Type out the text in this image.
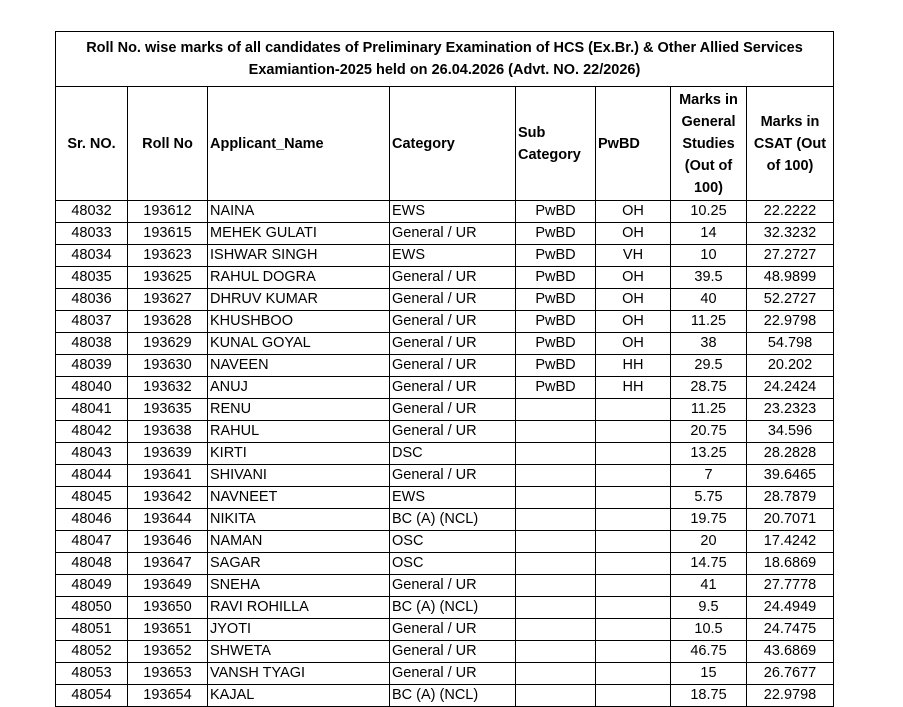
Roll No. wise marks of all candidates of Preliminary Examination of HCS (Ex.Br.) & Other Allied Services
Examiantion-2025 held on 26.04.2026 (Advt. NO. 22/2026)							

Sr. NO.	Roll No	Applicant_Name	Category	Sub Category	PwBD	Marks in General Studies (Out of 100)	Marks in CSAT (Out of 100)
48032	193612	NAINA	EWS	PwBD	OH	10.25	22.2222
48033	193615	MEHEK GULATI	General / UR	PwBD	OH	14	32.3232
48034	193623	ISHWAR SINGH	EWS	PwBD	VH	10	27.2727
48035	193625	RAHUL DOGRA	General / UR	PwBD	OH	39.5	48.9899
48036	193627	DHRUV KUMAR	General / UR	PwBD	OH	40	52.2727
48037	193628	KHUSHBOO	General / UR	PwBD	OH	11.25	22.9798
48038	193629	KUNAL GOYAL	General / UR	PwBD	OH	38	54.798
48039	193630	NAVEEN	General / UR	PwBD	HH	29.5	20.202
48040	193632	ANUJ	General / UR	PwBD	HH	28.75	24.2424
48041	193635	RENU	General / UR			11.25	23.2323
48042	193638	RAHUL	General / UR			20.75	34.596
48043	193639	KIRTI	DSC			13.25	28.2828
48044	193641	SHIVANI	General / UR			7	39.6465
48045	193642	NAVNEET	EWS			5.75	28.7879
48046	193644	NIKITA	BC (A) (NCL)			19.75	20.7071
48047	193646	NAMAN	OSC			20	17.4242
48048	193647	SAGAR	OSC			14.75	18.6869
48049	193649	SNEHA	General / UR			41	27.7778
48050	193650	RAVI ROHILLA	BC (A) (NCL)			9.5	24.4949
48051	193651	JYOTI	General / UR			10.5	24.7475
48052	193652	SHWETA	General / UR			46.75	43.6869
48053	193653	VANSH TYAGI	General / UR			15	26.7677
48054	193654	KAJAL	BC (A) (NCL)			18.75	22.9798
